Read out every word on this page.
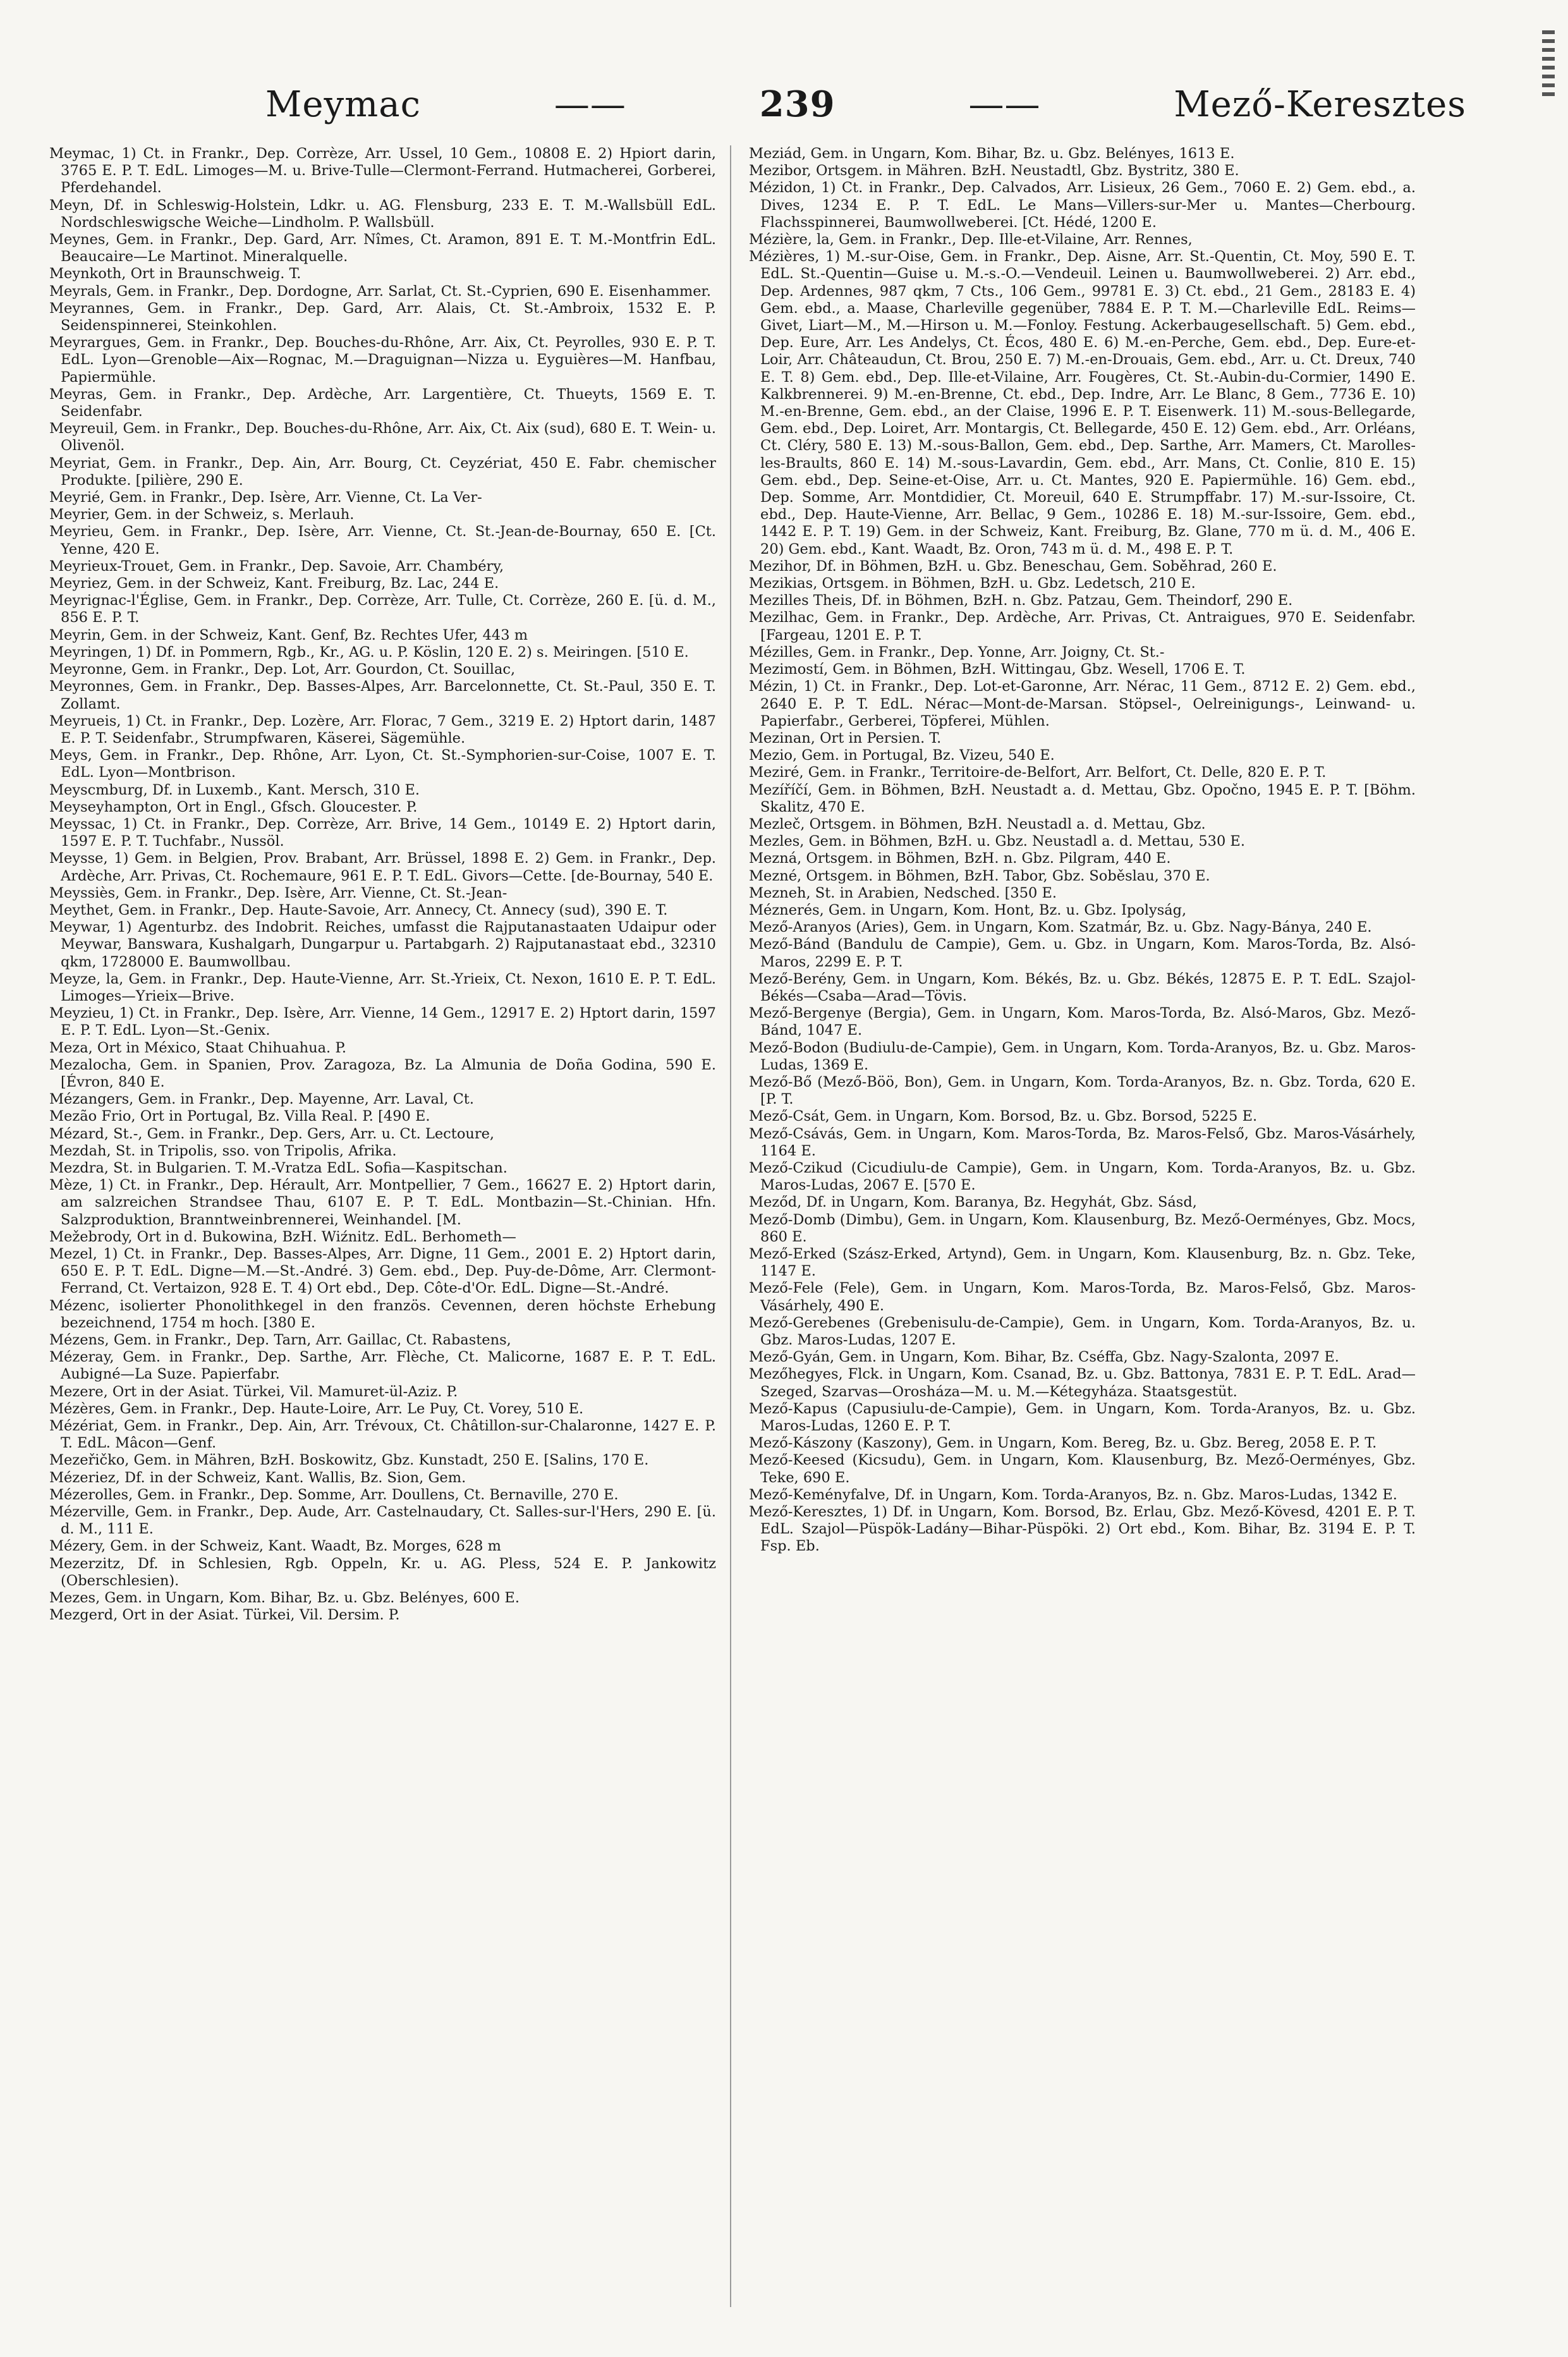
Meymac	——	239	——	Mező-Keresztes

Meymac, 1) Ct. in Frankr., Dep. Corrèze, Arr. Ussel, 10 Gem., 10808 E. 2) Hpiort darin, 3765 E. P. T. EdL. Limoges—M. u. Brive-Tulle—Clermont-Ferrand. Hutmacherei, Gorberei, Pferdehandel.

Meyn, Df. in Schleswig-Holstein, Ldkr. u. AG. Flensburg, 233 E. T. M.-Wallsbüll EdL. Nordschleswigsche Weiche—Lindholm. P. Wallsbüll.

Meynes, Gem. in Frankr., Dep. Gard, Arr. Nîmes, Ct. Aramon, 891 E. T. M.-Montfrin EdL. Beaucaire—Le Martinot. Mineralquelle.

Meynkoth, Ort in Braunschweig. T.

Meyrals, Gem. in Frankr., Dep. Dordogne, Arr. Sarlat, Ct. St.-Cyprien, 690 E. Eisenhammer.

Meyrannes, Gem. in Frankr., Dep. Gard, Arr. Alais, Ct. St.-Ambroix, 1532 E. P. Seidenspinnerei, Steinkohlen.

Meyrargues, Gem. in Frankr., Dep. Bouches-du-Rhône, Arr. Aix, Ct. Peyrolles, 930 E. P. T. EdL. Lyon—Grenoble—Aix—Rognac, M.—Draguignan—Nizza u. Eyguières—M. Hanfbau, Papiermühle.

Meyras, Gem. in Frankr., Dep. Ardèche, Arr. Largentière, Ct. Thueyts, 1569 E. T. Seidenfabr.

Meyreuil, Gem. in Frankr., Dep. Bouches-du-Rhône, Arr. Aix, Ct. Aix (sud), 680 E. T. Wein- u. Olivenöl.

Meyriat, Gem. in Frankr., Dep. Ain, Arr. Bourg, Ct. Ceyzériat, 450 E. Fabr. chemischer Produkte. [pilière, 290 E.

Meyrié, Gem. in Frankr., Dep. Isère, Arr. Vienne, Ct. La Ver-

Meyrier, Gem. in der Schweiz, s. Merlauh.

Meyrieu, Gem. in Frankr., Dep. Isère, Arr. Vienne, Ct. St.-Jean-de-Bournay, 650 E. [Ct. Yenne, 420 E.

Meyrieux-Trouet, Gem. in Frankr., Dep. Savoie, Arr. Chambéry,

Meyriez, Gem. in der Schweiz, Kant. Freiburg, Bz. Lac, 244 E.

Meyrignac-l'Église, Gem. in Frankr., Dep. Corrèze, Arr. Tulle, Ct. Corrèze, 260 E. [ü. d. M., 856 E. P. T.

Meyrin, Gem. in der Schweiz, Kant. Genf, Bz. Rechtes Ufer, 443 m

Meyringen, 1) Df. in Pommern, Rgb., Kr., AG. u. P. Köslin, 120 E. 2) s. Meiringen. [510 E.

Meyronne, Gem. in Frankr., Dep. Lot, Arr. Gourdon, Ct. Souillac,

Meyronnes, Gem. in Frankr., Dep. Basses-Alpes, Arr. Barcelonnette, Ct. St.-Paul, 350 E. T. Zollamt.

Meyrueis, 1) Ct. in Frankr., Dep. Lozère, Arr. Florac, 7 Gem., 3219 E. 2) Hptort darin, 1487 E. P. T. Seidenfabr., Strumpfwaren, Käserei, Sägemühle.

Meys, Gem. in Frankr., Dep. Rhône, Arr. Lyon, Ct. St.-Symphorien-sur-Coise, 1007 E. T. EdL. Lyon—Montbrison.

Meyscmburg, Df. in Luxemb., Kant. Mersch, 310 E.

Meyseyhampton, Ort in Engl., Gfsch. Gloucester. P.

Meyssac, 1) Ct. in Frankr., Dep. Corrèze, Arr. Brive, 14 Gem., 10149 E. 2) Hptort darin, 1597 E. P. T. Tuchfabr., Nussöl.

Meysse, 1) Gem. in Belgien, Prov. Brabant, Arr. Brüssel, 1898 E. 2) Gem. in Frankr., Dep. Ardèche, Arr. Privas, Ct. Rochemaure, 961 E. P. T. EdL. Givors—Cette. [de-Bournay, 540 E.

Meyssiès, Gem. in Frankr., Dep. Isère, Arr. Vienne, Ct. St.-Jean-

Meythet, Gem. in Frankr., Dep. Haute-Savoie, Arr. Annecy, Ct. Annecy (sud), 390 E. T.

Meywar, 1) Agenturbz. des Indobrit. Reiches, umfasst die Rajputanastaaten Udaipur oder Meywar, Banswara, Kushalgarh, Dungarpur u. Partabgarh. 2) Rajputanastaat ebd., 32310 qkm, 1728000 E. Baumwollbau.

Meyze, la, Gem. in Frankr., Dep. Haute-Vienne, Arr. St.-Yrieix, Ct. Nexon, 1610 E. P. T. EdL. Limoges—Yrieix—Brive.

Meyzieu, 1) Ct. in Frankr., Dep. Isère, Arr. Vienne, 14 Gem., 12917 E. 2) Hptort darin, 1597 E. P. T. EdL. Lyon—St.-Genix.

Meza, Ort in México, Staat Chihuahua. P.

Mezalocha, Gem. in Spanien, Prov. Zaragoza, Bz. La Almunia de Doña Godina, 590 E. [Évron, 840 E.

Mézangers, Gem. in Frankr., Dep. Mayenne, Arr. Laval, Ct.

Mezão Frio, Ort in Portugal, Bz. Villa Real. P. [490 E.

Mézard, St.-, Gem. in Frankr., Dep. Gers, Arr. u. Ct. Lectoure,

Mezdah, St. in Tripolis, sso. von Tripolis, Afrika.

Mezdra, St. in Bulgarien. T. M.-Vratza EdL. Sofia—Kaspitschan.

Mèze, 1) Ct. in Frankr., Dep. Hérault, Arr. Montpellier, 7 Gem., 16627 E. 2) Hptort darin, am salzreichen Strandsee Thau, 6107 E. P. T. EdL. Montbazin—St.-Chinian. Hfn. Salzproduktion, Branntweinbrennerei, Weinhandel. [M.

Mežebrody, Ort in d. Bukowina, BzH. Wiźnitz. EdL. Berhometh—

Mezel, 1) Ct. in Frankr., Dep. Basses-Alpes, Arr. Digne, 11 Gem., 2001 E. 2) Hptort darin, 650 E. P. T. EdL. Digne—M.—St.-André. 3) Gem. ebd., Dep. Puy-de-Dôme, Arr. Clermont-Ferrand, Ct. Vertaizon, 928 E. T. 4) Ort ebd., Dep. Côte-d'Or. EdL. Digne—St.-André.

Mézenc, isolierter Phonolithkegel in den französ. Cevennen, deren höchste Erhebung bezeichnend, 1754 m hoch. [380 E.

Mézens, Gem. in Frankr., Dep. Tarn, Arr. Gaillac, Ct. Rabastens,

Mézeray, Gem. in Frankr., Dep. Sarthe, Arr. Flèche, Ct. Malicorne, 1687 E. P. T. EdL. Aubigné—La Suze. Papierfabr.

Mezere, Ort in der Asiat. Türkei, Vil. Mamuret-ül-Aziz. P.

Mézères, Gem. in Frankr., Dep. Haute-Loire, Arr. Le Puy, Ct. Vorey, 510 E.

Mézériat, Gem. in Frankr., Dep. Ain, Arr. Trévoux, Ct. Châtillon-sur-Chalaronne, 1427 E. P. T. EdL. Mâcon—Genf.

Mezeřičko, Gem. in Mähren, BzH. Boskowitz, Gbz. Kunstadt, 250 E. [Salins, 170 E.

Mézeriez, Df. in der Schweiz, Kant. Wallis, Bz. Sion, Gem.

Mézerolles, Gem. in Frankr., Dep. Somme, Arr. Doullens, Ct. Bernaville, 270 E.

Mézerville, Gem. in Frankr., Dep. Aude, Arr. Castelnaudary, Ct. Salles-sur-l'Hers, 290 E. [ü. d. M., 111 E.

Mézery, Gem. in der Schweiz, Kant. Waadt, Bz. Morges, 628 m

Mezerzitz, Df. in Schlesien, Rgb. Oppeln, Kr. u. AG. Pless, 524 E. P. Jankowitz (Oberschlesien).

Mezes, Gem. in Ungarn, Kom. Bihar, Bz. u. Gbz. Belényes, 600 E.

Mezgerd, Ort in der Asiat. Türkei, Vil. Dersim. P.

Meziád, Gem. in Ungarn, Kom. Bihar, Bz. u. Gbz. Belényes, 1613 E.

Mezibor, Ortsgem. in Mähren. BzH. Neustadtl, Gbz. Bystritz, 380 E.

Mézidon, 1) Ct. in Frankr., Dep. Calvados, Arr. Lisieux, 26 Gem., 7060 E. 2) Gem. ebd., a. Dives, 1234 E. P. T. EdL. Le Mans—Villers-sur-Mer u. Mantes—Cherbourg. Flachsspinnerei, Baumwollweberei. [Ct. Hédé, 1200 E.

Mézière, la, Gem. in Frankr., Dep. Ille-et-Vilaine, Arr. Rennes,

Mézières, 1) M.-sur-Oise, Gem. in Frankr., Dep. Aisne, Arr. St.-Quentin, Ct. Moy, 590 E. T. EdL. St.-Quentin—Guise u. M.-s.-O.—Vendeuil. Leinen u. Baumwollweberei. 2) Arr. ebd., Dep. Ardennes, 987 qkm, 7 Cts., 106 Gem., 99781 E. 3) Ct. ebd., 21 Gem., 28183 E. 4) Gem. ebd., a. Maase, Charleville gegenüber, 7884 E. P. T. M.—Charleville EdL. Reims—Givet, Liart—M., M.—Hirson u. M.—Fonloy. Festung. Ackerbaugesellschaft. 5) Gem. ebd., Dep. Eure, Arr. Les Andelys, Ct. Écos, 480 E. 6) M.-en-Perche, Gem. ebd., Dep. Eure-et-Loir, Arr. Châteaudun, Ct. Brou, 250 E. 7) M.-en-Drouais, Gem. ebd., Arr. u. Ct. Dreux, 740 E. T. 8) Gem. ebd., Dep. Ille-et-Vilaine, Arr. Fougères, Ct. St.-Aubin-du-Cormier, 1490 E. Kalkbrennerei. 9) M.-en-Brenne, Ct. ebd., Dep. Indre, Arr. Le Blanc, 8 Gem., 7736 E. 10) M.-en-Brenne, Gem. ebd., an der Claise, 1996 E. P. T. Eisenwerk. 11) M.-sous-Bellegarde, Gem. ebd., Dep. Loiret, Arr. Montargis, Ct. Bellegarde, 450 E. 12) Gem. ebd., Arr. Orléans, Ct. Cléry, 580 E. 13) M.-sous-Ballon, Gem. ebd., Dep. Sarthe, Arr. Mamers, Ct. Marolles-les-Braults, 860 E. 14) M.-sous-Lavardin, Gem. ebd., Arr. Mans, Ct. Conlie, 810 E. 15) Gem. ebd., Dep. Seine-et-Oise, Arr. u. Ct. Mantes, 920 E. Papiermühle. 16) Gem. ebd., Dep. Somme, Arr. Montdidier, Ct. Moreuil, 640 E. Strumpffabr. 17) M.-sur-Issoire, Ct. ebd., Dep. Haute-Vienne, Arr. Bellac, 9 Gem., 10286 E. 18) M.-sur-Issoire, Gem. ebd., 1442 E. P. T. 19) Gem. in der Schweiz, Kant. Freiburg, Bz. Glane, 770 m ü. d. M., 406 E. 20) Gem. ebd., Kant. Waadt, Bz. Oron, 743 m ü. d. M., 498 E. P. T.

Mezihor, Df. in Böhmen, BzH. u. Gbz. Beneschau, Gem. Soběhrad, 260 E.

Mezikias, Ortsgem. in Böhmen, BzH. u. Gbz. Ledetsch, 210 E.

Mezilles Theis, Df. in Böhmen, BzH. n. Gbz. Patzau, Gem. Theindorf, 290 E.

Mezilhac, Gem. in Frankr., Dep. Ardèche, Arr. Privas, Ct. Antraigues, 970 E. Seidenfabr. [Fargeau, 1201 E. P. T.

Mézilles, Gem. in Frankr., Dep. Yonne, Arr. Joigny, Ct. St.-

Mezimostí, Gem. in Böhmen, BzH. Wittingau, Gbz. Wesell, 1706 E. T.

Mézin, 1) Ct. in Frankr., Dep. Lot-et-Garonne, Arr. Nérac, 11 Gem., 8712 E. 2) Gem. ebd., 2640 E. P. T. EdL. Nérac—Mont-de-Marsan. Stöpsel-, Oelreinigungs-, Leinwand- u. Papierfabr., Gerberei, Töpferei, Mühlen.

Mezinan, Ort in Persien. T.

Mezio, Gem. in Portugal, Bz. Vizeu, 540 E.

Meziré, Gem. in Frankr., Territoire-de-Belfort, Arr. Belfort, Ct. Delle, 820 E. P. T.

Mezíříčí, Gem. in Böhmen, BzH. Neustadt a. d. Mettau, Gbz. Opočno, 1945 E. P. T. [Böhm. Skalitz, 470 E.

Mezleč, Ortsgem. in Böhmen, BzH. Neustadl a. d. Mettau, Gbz.

Mezles, Gem. in Böhmen, BzH. u. Gbz. Neustadl a. d. Mettau, 530 E.

Mezná, Ortsgem. in Böhmen, BzH. n. Gbz. Pilgram, 440 E.

Mezné, Ortsgem. in Böhmen, BzH. Tabor, Gbz. Soběslau, 370 E.

Mezneh, St. in Arabien, Nedsched. [350 E.

Méznerés, Gem. in Ungarn, Kom. Hont, Bz. u. Gbz. Ipolyság,

Mező-Aranyos (Aries), Gem. in Ungarn, Kom. Szatmár, Bz. u. Gbz. Nagy-Bánya, 240 E.

Mező-Bánd (Bandulu de Campie), Gem. u. Gbz. in Ungarn, Kom. Maros-Torda, Bz. Alsó-Maros, 2299 E. P. T.

Mező-Berény, Gem. in Ungarn, Kom. Békés, Bz. u. Gbz. Békés, 12875 E. P. T. EdL. Szajol-Békés—Csaba—Arad—Tövis.

Mező-Bergenye (Bergia), Gem. in Ungarn, Kom. Maros-Torda, Bz. Alsó-Maros, Gbz. Mező-Bánd, 1047 E.

Mező-Bodon (Budiulu-de-Campie), Gem. in Ungarn, Kom. Torda-Aranyos, Bz. u. Gbz. Maros-Ludas, 1369 E.

Mező-Bő (Mező-Böö, Bon), Gem. in Ungarn, Kom. Torda-Aranyos, Bz. n. Gbz. Torda, 620 E. [P. T.

Mező-Csát, Gem. in Ungarn, Kom. Borsod, Bz. u. Gbz. Borsod, 5225 E.

Mező-Csávás, Gem. in Ungarn, Kom. Maros-Torda, Bz. Maros-Felső, Gbz. Maros-Vásárhely, 1164 E.

Mező-Czikud (Cicudiulu-de Campie), Gem. in Ungarn, Kom. Torda-Aranyos, Bz. u. Gbz. Maros-Ludas, 2067 E. [570 E.

Meződ, Df. in Ungarn, Kom. Baranya, Bz. Hegyhát, Gbz. Sásd,

Mező-Domb (Dimbu), Gem. in Ungarn, Kom. Klausenburg, Bz. Mező-Oerményes, Gbz. Mocs, 860 E.

Mező-Erked (Szász-Erked, Artynd), Gem. in Ungarn, Kom. Klausenburg, Bz. n. Gbz. Teke, 1147 E.

Mező-Fele (Fele), Gem. in Ungarn, Kom. Maros-Torda, Bz. Maros-Felső, Gbz. Maros-Vásárhely, 490 E.

Mező-Gerebenes (Grebenisulu-de-Campie), Gem. in Ungarn, Kom. Torda-Aranyos, Bz. u. Gbz. Maros-Ludas, 1207 E.

Mező-Gyán, Gem. in Ungarn, Kom. Bihar, Bz. Cséffa, Gbz. Nagy-Szalonta, 2097 E.

Mezőhegyes, Flck. in Ungarn, Kom. Csanad, Bz. u. Gbz. Battonya, 7831 E. P. T. EdL. Arad—Szeged, Szarvas—Orosháza—M. u. M.—Kétegyháza. Staatsgestüt.

Mező-Kapus (Capusiulu-de-Campie), Gem. in Ungarn, Kom. Torda-Aranyos, Bz. u. Gbz. Maros-Ludas, 1260 E. P. T.

Mező-Kászony (Kaszony), Gem. in Ungarn, Kom. Bereg, Bz. u. Gbz. Bereg, 2058 E. P. T.

Mező-Keesed (Kicsudu), Gem. in Ungarn, Kom. Klausenburg, Bz. Mező-Oerményes, Gbz. Teke, 690 E.

Mező-Keményfalve, Df. in Ungarn, Kom. Torda-Aranyos, Bz. n. Gbz. Maros-Ludas, 1342 E.

Mező-Keresztes, 1) Df. in Ungarn, Kom. Borsod, Bz. Erlau, Gbz. Mező-Kövesd, 4201 E. P. T. EdL. Szajol—Püspök-Ladány—Bihar-Püspöki. 2) Ort ebd., Kom. Bihar, Bz. 3194 E. P. T. Fsp. Eb.
